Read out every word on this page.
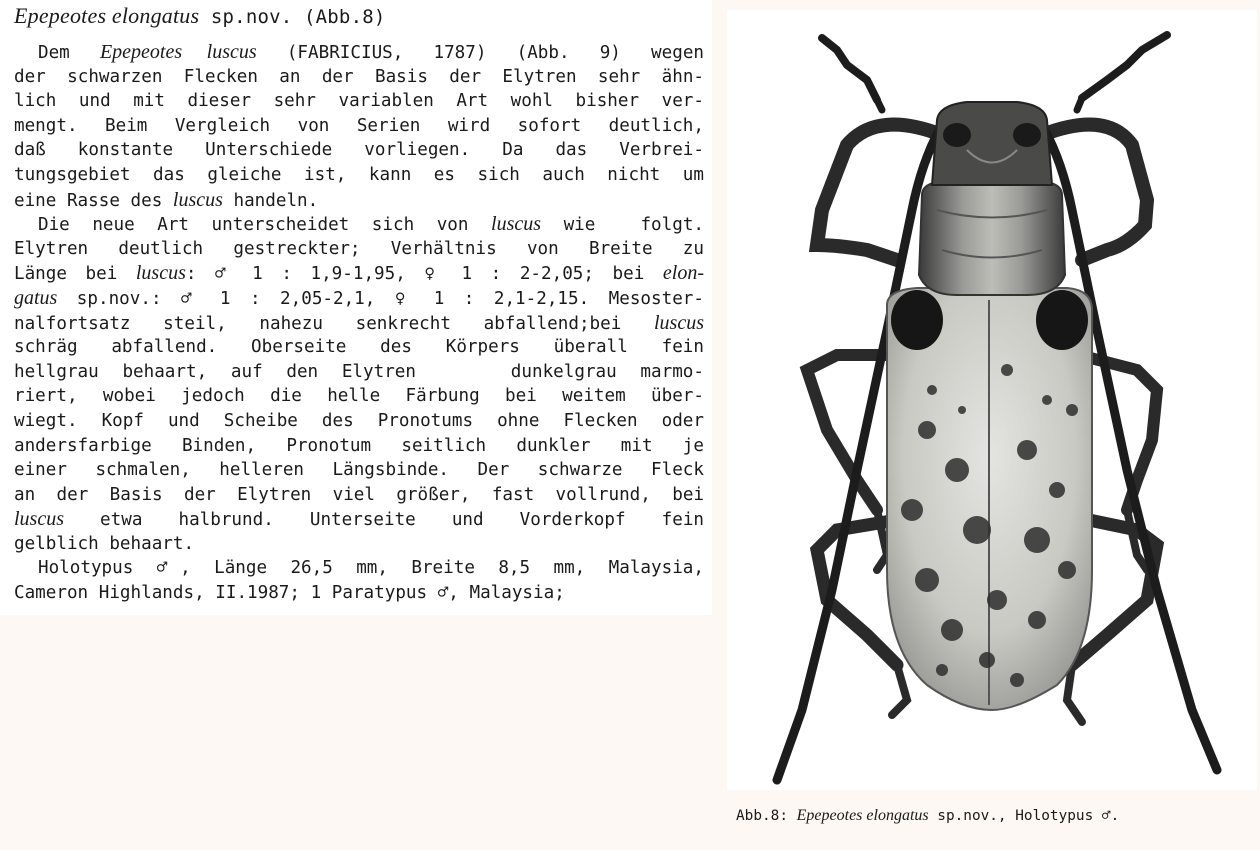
Epepeotes elongatus sp.nov. (Abb.8)
Dem Epepeotes luscus (FABRICIUS, 1787) (Abb. 9) wegen
der schwarzen Flecken an der Basis der Elytren sehr ähn-
lich und mit dieser sehr variablen Art wohl bisher ver-
mengt. Beim Vergleich von Serien wird sofort deutlich,
daß konstante Unterschiede vorliegen. Da das Verbrei-
tungsgebiet das gleiche ist, kann es sich auch nicht um
eine Rasse des luscus handeln.
Die neue Art unterscheidet sich von luscus wie  folgt.
Elytren deutlich gestreckter; Verhältnis von Breite zu
Länge bei luscus: ♂ 1 : 1,9-1,95, ♀ 1 : 2-2,05; bei elon-
gatus sp.nov.: ♂ 1 : 2,05-2,1, ♀ 1 : 2,1-2,15. Mesoster-
nalfortsatz steil, nahezu senkrecht abfallend;bei luscus
schräg abfallend. Oberseite des Körpers überall fein
hellgrau behaart, auf den Elytren    dunkelgrau marmo-
riert, wobei jedoch die helle Färbung bei weitem über-
wiegt. Kopf und Scheibe des Pronotums ohne Flecken oder
andersfarbige Binden, Pronotum seitlich dunkler mit je
einer schmalen, helleren Längsbinde. Der schwarze Fleck
an der Basis der Elytren viel größer, fast vollrund, bei
luscus etwa halbrund. Unterseite und Vorderkopf fein
gelblich behaart.
Holotypus ♂, Länge 26,5 mm, Breite 8,5 mm, Malaysia,
Cameron Highlands, II.1987; 1 Paratypus ♂, Malaysia;
Abb.8: Epepeotes elongatus sp.nov., Holotypus ♂.
